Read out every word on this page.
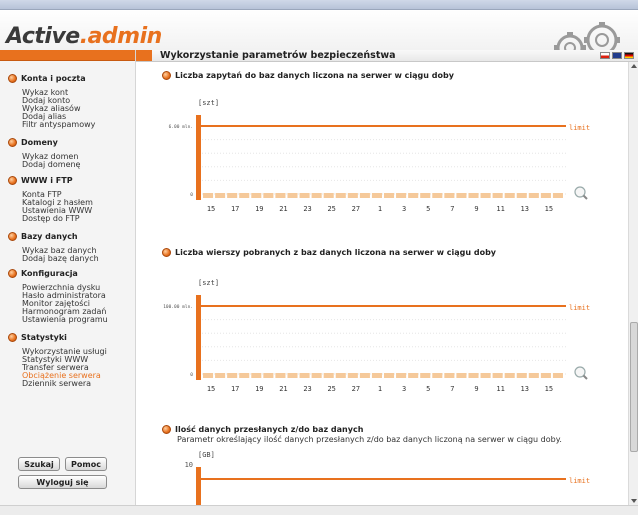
Active.admin
Konta i poczta
Wykaz kont
Dodaj konto
Wykaz aliasów
Dodaj alias
Filtr antyspamowy
Domeny
Wykaz domen
Dodaj domenę
WWW i FTP
Konta FTP
Katalogi z hasłem
Ustawienia WWW
Dostęp do FTP
Bazy danych
Wykaz baz danych
Dodaj bazę danych
Konfiguracja
Powierzchnia dysku
Hasło administratora
Monitor zajętości
Harmonogram zadań
Ustawienia programu
Statystyki
Wykorzystanie usługi
Statystyki WWW
Transfer serwera
Obciążenie serwera
Dziennik serwera
Szukaj	Pomoc
Wyloguj się
Wykorzystanie parametrów bezpieczeństwa
Liczba zapytań do baz danych liczona na serwer w ciągu doby
[szt]
6.00 mln.
0
limit
15 17 19 21 23 25 27	1	3	5	7	9	11 13 15
Liczba wierszy pobranych z baz danych liczona na serwer w ciągu doby
[szt]
100.00 mln.
0
limit
15 17 19 21 23 25 27	1	3	5	7	9	11 13 15
Ilość danych przesłanych z/do baz danych
Parametr określający ilość danych przesłanych z/do baz danych liczoną na serwer w ciągu doby.
[GB]
10
limit
